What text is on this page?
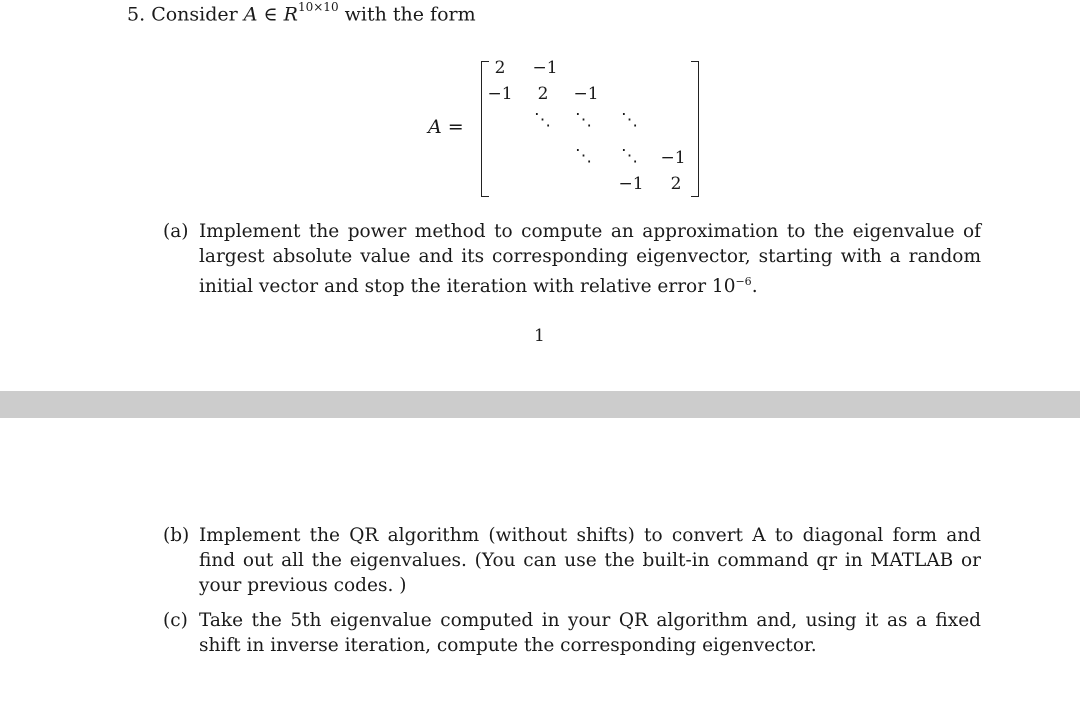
5. Consider A ∈ $R^{10\times 10}$ with the form
A =
2 −1
−1 2 −1
⋱ ⋱ ⋱
⋱ ⋱ −1
−1 2
(a) Implement the power method to compute an approximation to the eigenvalue of largest absolute value and its corresponding eigenvector, starting with a random initial vector and stop the iteration with relative error $10^{-6}$.
1
(b) Implement the QR algorithm (without shifts) to convert A to diagonal form and find out all the eigenvalues. (You can use the built-in command qr in MATLAB or your previous codes. )
(c) Take the 5th eigenvalue computed in your QR algorithm and, using it as a fixed shift in inverse iteration, compute the corresponding eigenvector.
